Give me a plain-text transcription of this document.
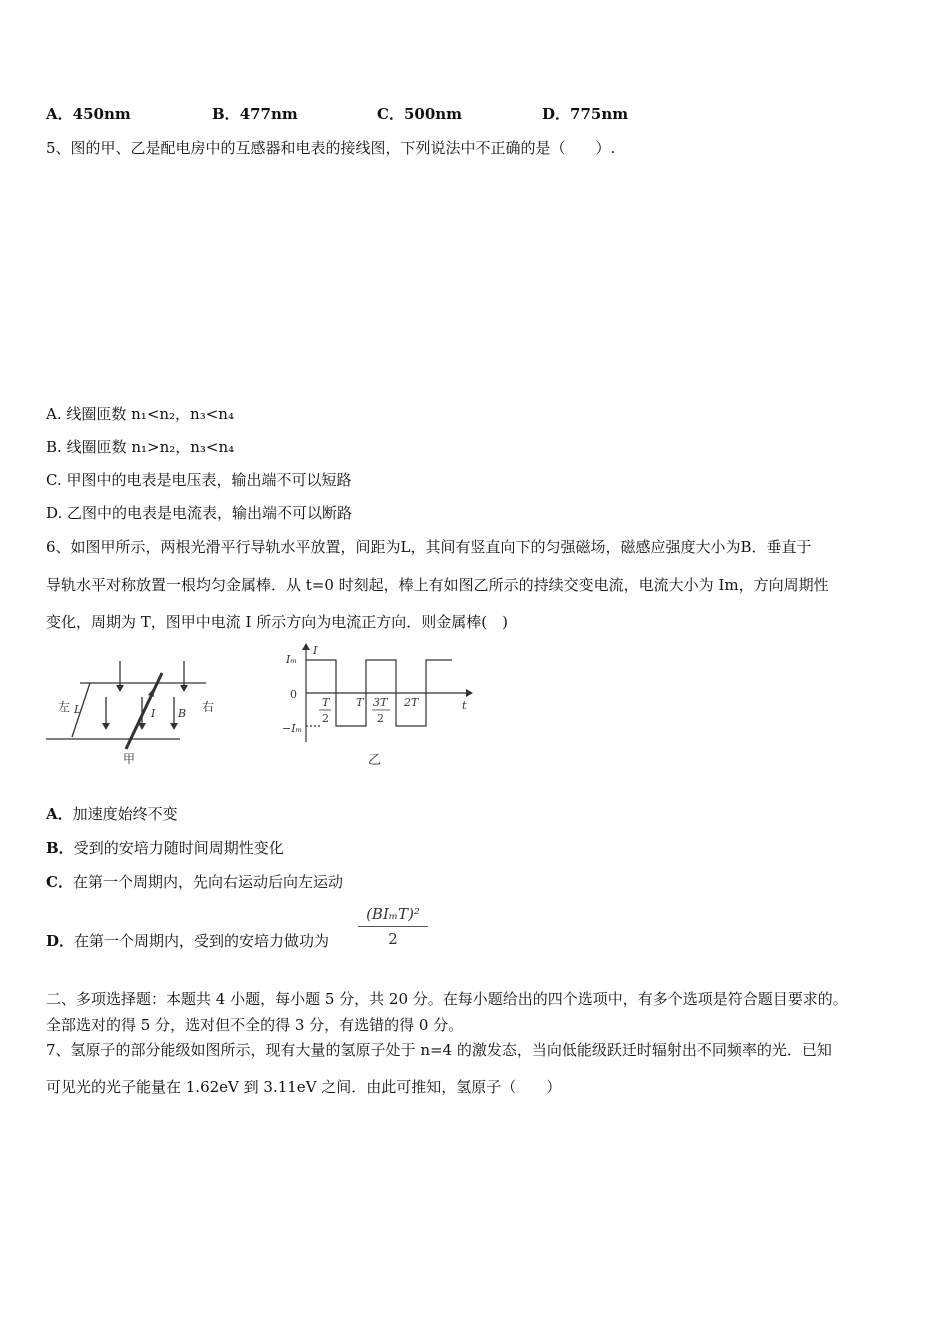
A．450nm	B．477nm	C．500nm	D．775nm
5、图的甲、乙是配电房中的互感器和电表的接线图，下列说法中不正确的是（　　）.
A. 线圈匝数 n₁<n₂，n₃<n₄
B. 线圈匝数 n₁>n₂，n₃<n₄
C. 甲图中的电表是电压表，输出端不可以短路
D. 乙图中的电表是电流表，输出端不可以断路
6、如图甲所示，两根光滑平行导轨水平放置，间距为L，其间有竖直向下的匀强磁场，磁感应强度大小为B．垂直于
导轨水平对称放置一根均匀金属棒．从 t=0 时刻起，棒上有如图乙所示的持续交变电流，电流大小为 Im，方向周期性
变化，周期为 T，图甲中电流 I 所示方向为电流正方向．则金属棒(　)
左	右
L	I B
甲
Iₘ
I
0
−Iₘ
t
T
2
T 3T
2
2T
乙
A．加速度始终不变
B．受到的安培力随时间周期性变化
C．在第一个周期内，先向右运动后向左运动
D．在第一个周期内，受到的安培力做功为
(BIₘT)²
2
二、多项选择题：本题共 4 小题，每小题 5 分，共 20 分。在每小题给出的四个选项中，有多个选项是符合题目要求的。
全部选对的得 5 分，选对但不全的得 3 分，有选错的得 0 分。
7、氢原子的部分能级如图所示，现有大量的氢原子处于 n=4 的激发态，当向低能级跃迁时辐射出不同频率的光．已知
可见光的光子能量在 1.62eV 到 3.11eV 之间．由此可推知，氢原子（　　）
